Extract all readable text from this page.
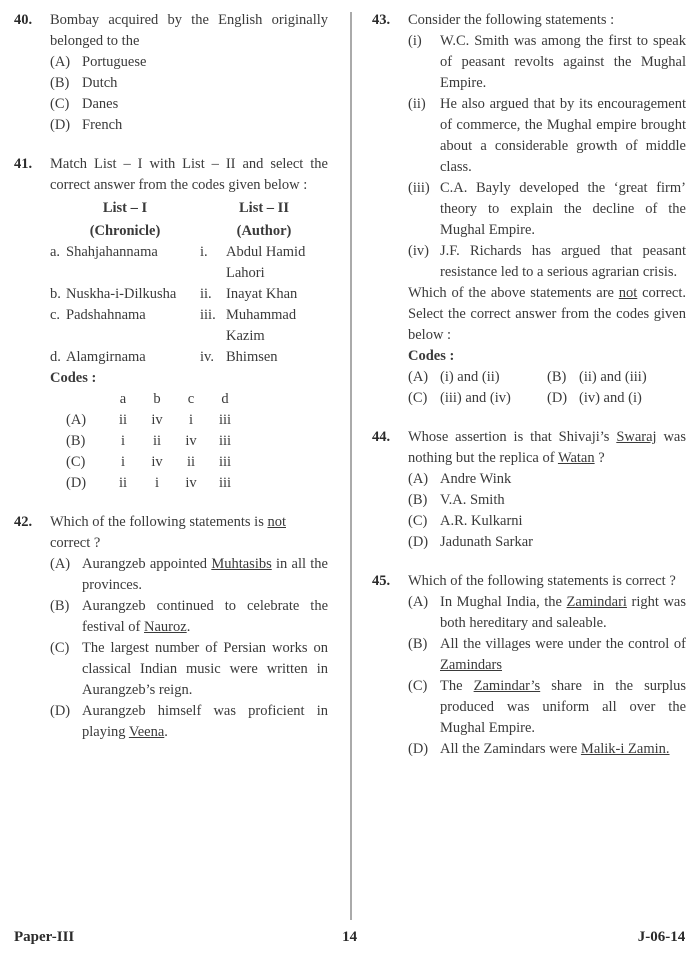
40.	Bombay acquired by the English originally belonged to the
(A) Portuguese
(B) Dutch
(C) Danes
(D) French
41.	Match List – I with List – II and select the correct answer from the codes given below :
List – I	List – II
(Chronicle)	(Author)
a. Shahjahannama	i.	Abdul Hamid Lahori
b. Nuskha-i-Dilkusha	ii. Inayat Khan
c. Padshahnama	iii. Muhammad Kazim
d. Alamgirnama	iv. Bhimsen
Codes :
a	b	c	d
(A)	ii	iv	i	iii
(B)	i	ii	iv	iii
(C)	i	iv	ii	iii
(D)	ii	i	iv	iii
42.	Which of the following statements is not correct ?
(A) Aurangzeb appointed Muhtasibs in all the provinces.
(B) Aurangzeb continued to celebrate the festival of Nauroz.
(C) The largest number of Persian works on classical Indian music were written in Aurangzeb’s reign.
(D) Aurangzeb himself was proficient in playing Veena.
43.	Consider the following statements :
(i)	W.C. Smith was among the first to speak of peasant revolts against the Mughal Empire.
(ii) He also argued that by its encouragement of commerce, the Mughal empire brought about a considerable growth of middle class.
(iii) C.A. Bayly developed the ‘great firm’ theory to explain the decline of the Mughal Empire.
(iv) J.F. Richards has argued that peasant resistance led to a serious agrarian crisis.
Which of the above statements are not correct. Select the correct answer from the codes given below :
Codes :
(A) (i) and (ii)	(B) (ii) and (iii)
(C) (iii) and (iv) (D) (iv) and (i)
44.	Whose assertion is that Shivaji’s Swaraj was nothing but the replica of Watan ?
(A) Andre Wink
(B) V.A. Smith
(C) A.R. Kulkarni
(D) Jadunath Sarkar
45.	Which of the following statements is correct ?
(A) In Mughal India, the Zamindari right was both hereditary and saleable.
(B) All the villages were under the control of Zamindars
(C) The Zamindar’s share in the surplus produced was uniform all over the Mughal Empire.
(D) All the Zamindars were Malik-i Zamin.
Paper-III	14	J-06-14
